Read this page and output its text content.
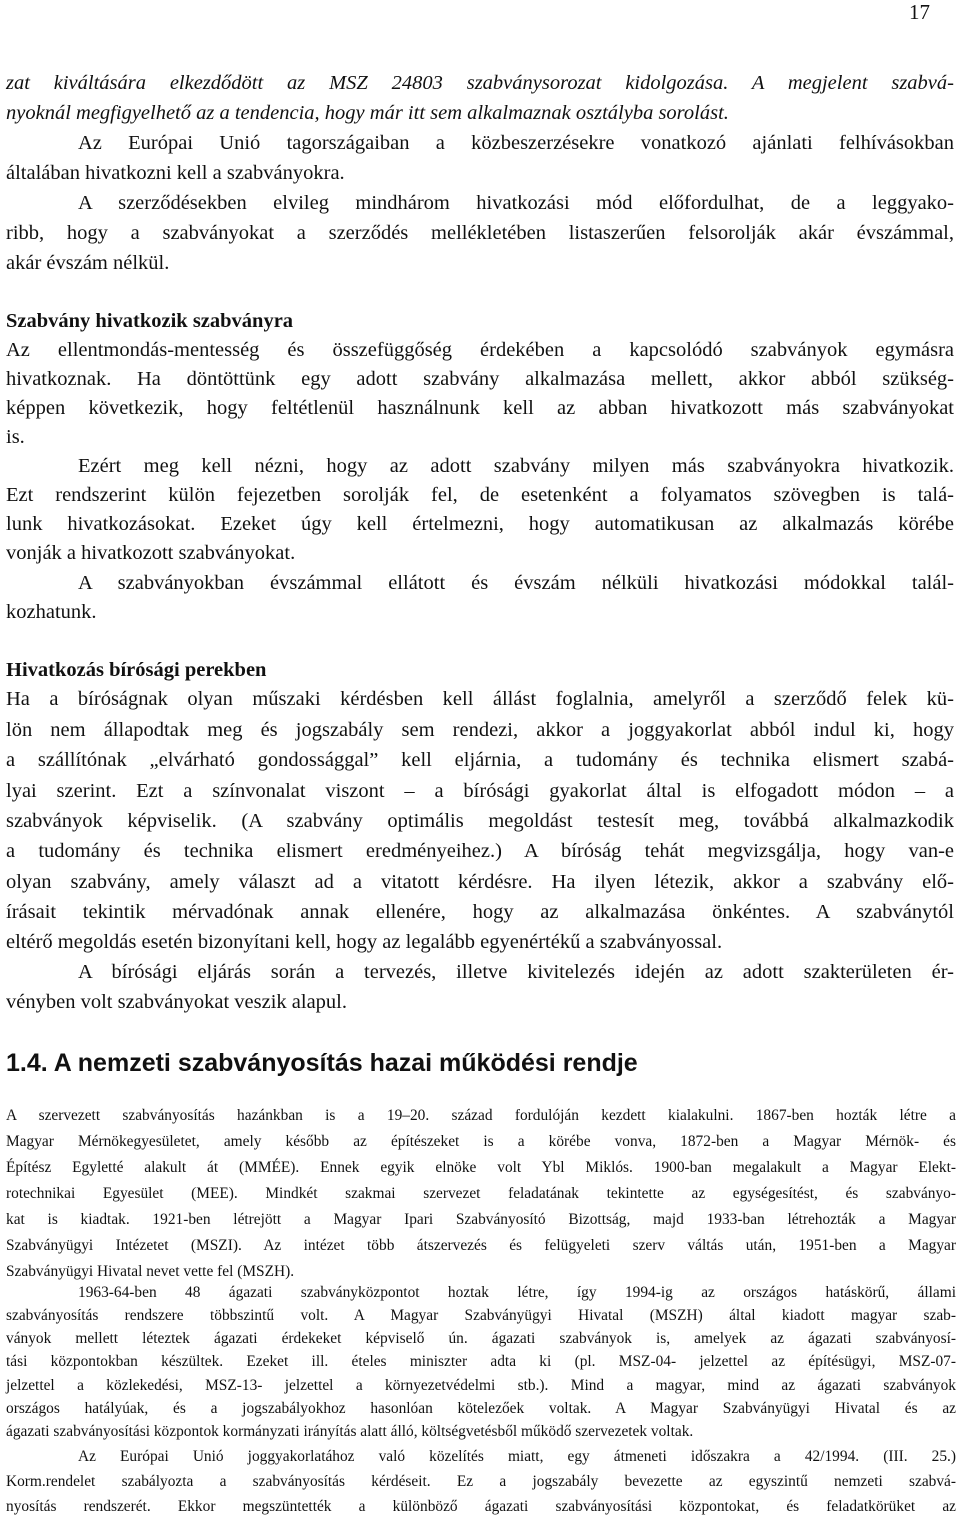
17
zat kiváltására elkezdődött az MSZ 24803 szabványsorozat kidolgozása. A megjelent szabvá-
nyoknál megfigyelhető az a tendencia, hogy már itt sem alkalmaznak osztályba sorolást.
Az Európai Unió tagországaiban a közbeszerzésekre vonatkozó ajánlati felhívásokban
általában hivatkozni kell a szabványokra.
A szerződésekben elvileg mindhárom hivatkozási mód előfordulhat, de a leggyako-
ribb, hogy a szabványokat a szerződés mellékletében listaszerűen felsorolják akár évszámmal,
akár évszám nélkül.
Szabvány hivatkozik szabványra
Az ellentmondás-mentesség és összefüggőség érdekében a kapcsolódó szabványok egymásra
hivatkoznak. Ha döntöttünk egy adott szabvány alkalmazása mellett, akkor abból szükség-
képpen következik, hogy feltétlenül használnunk kell az abban hivatkozott más szabványokat
is.
Ezért meg kell nézni, hogy az adott szabvány milyen más szabványokra hivatkozik.
Ezt rendszerint külön fejezetben sorolják fel, de esetenként a folyamatos szövegben is talá-
lunk hivatkozásokat. Ezeket úgy kell értelmezni, hogy automatikusan az alkalmazás körébe
vonják a hivatkozott szabványokat.
A szabványokban évszámmal ellátott és évszám nélküli hivatkozási módokkal talál-
kozhatunk.
Hivatkozás bírósági perekben
Ha a bíróságnak olyan műszaki kérdésben kell állást foglalnia, amelyről a szerződő felek kü-
lön nem állapodtak meg és jogszabály sem rendezi, akkor a joggyakorlat abból indul ki, hogy
a szállítónak „elvárható gondossággal” kell eljárnia, a tudomány és technika elismert szabá-
lyai szerint. Ezt a színvonalat viszont – a bírósági gyakorlat által is elfogadott módon – a
szabványok képviselik. (A szabvány optimális megoldást testesít meg, továbbá alkalmazkodik
a tudomány és technika elismert eredményeihez.) A bíróság tehát megvizsgálja, hogy van-e
olyan szabvány, amely választ ad a vitatott kérdésre. Ha ilyen létezik, akkor a szabvány elő-
írásait tekintik mérvadónak annak ellenére, hogy az alkalmazása önkéntes. A szabványtól
eltérő megoldás esetén bizonyítani kell, hogy az legalább egyenértékű a szabványossal.
A bírósági eljárás során a tervezés, illetve kivitelezés idején az adott szakterületen ér-
vényben volt szabványokat veszik alapul.
1.4. A nemzeti szabványosítás hazai működési rendje
A szervezett szabványosítás hazánkban is a 19–20. század fordulóján kezdett kialakulni. 1867-ben hozták létre a
Magyar Mérnökegyesületet, amely később az építészeket is a körébe vonva, 1872-ben a Magyar Mérnök- és
Építész Egyletté alakult át (MMÉE). Ennek egyik elnöke volt Ybl Miklós. 1900-ban megalakult a Magyar Elekt-
rotechnikai Egyesület (MEE). Mindkét szakmai szervezet feladatának tekintette az egységesítést, és szabványo-
kat is kiadtak. 1921-ben létrejött a Magyar Ipari Szabványosító Bizottság, majd 1933-ban létrehozták a Magyar
Szabványügyi Intézetet (MSZI). Az intézet több átszervezés és felügyeleti szerv váltás után, 1951-ben a Magyar
Szabványügyi Hivatal nevet vette fel (MSZH).
1963-64-ben 48 ágazati szabványközpontot hoztak létre, így 1994-ig az országos hatáskörű, állami
szabványosítás rendszere többszintű volt. A Magyar Szabványügyi Hivatal (MSZH) által kiadott magyar szab-
ványok mellett léteztek ágazati érdekeket képviselő ún. ágazati szabványok is, amelyek az ágazati szabványosí-
tási központokban készültek. Ezeket ill. ételes miniszter adta ki (pl. MSZ-04- jelzettel az építésügyi, MSZ-07-
jelzettel a közlekedési, MSZ-13- jelzettel a környezetvédelmi stb.). Mind a magyar, mind az ágazati szabványok
országos hatályúak, és a jogszabályokhoz hasonlóan kötelezőek voltak. A Magyar Szabványügyi Hivatal és az
ágazati szabványosítási központok kormányzati irányítás alatt álló, költségvetésből működő szervezetek voltak.
Az Európai Unió joggyakorlatához való közelítés miatt, egy átmeneti időszakra a 42/1994. (III. 25.)
Korm.rendelet szabályozta a szabványosítás kérdéseit. Ez a jogszabály bevezette az egyszintű nemzeti szabvá-
nyosítás rendszerét. Ekkor megszüntették a különböző ágazati szabványosítási központokat, és feladatkörüket az
